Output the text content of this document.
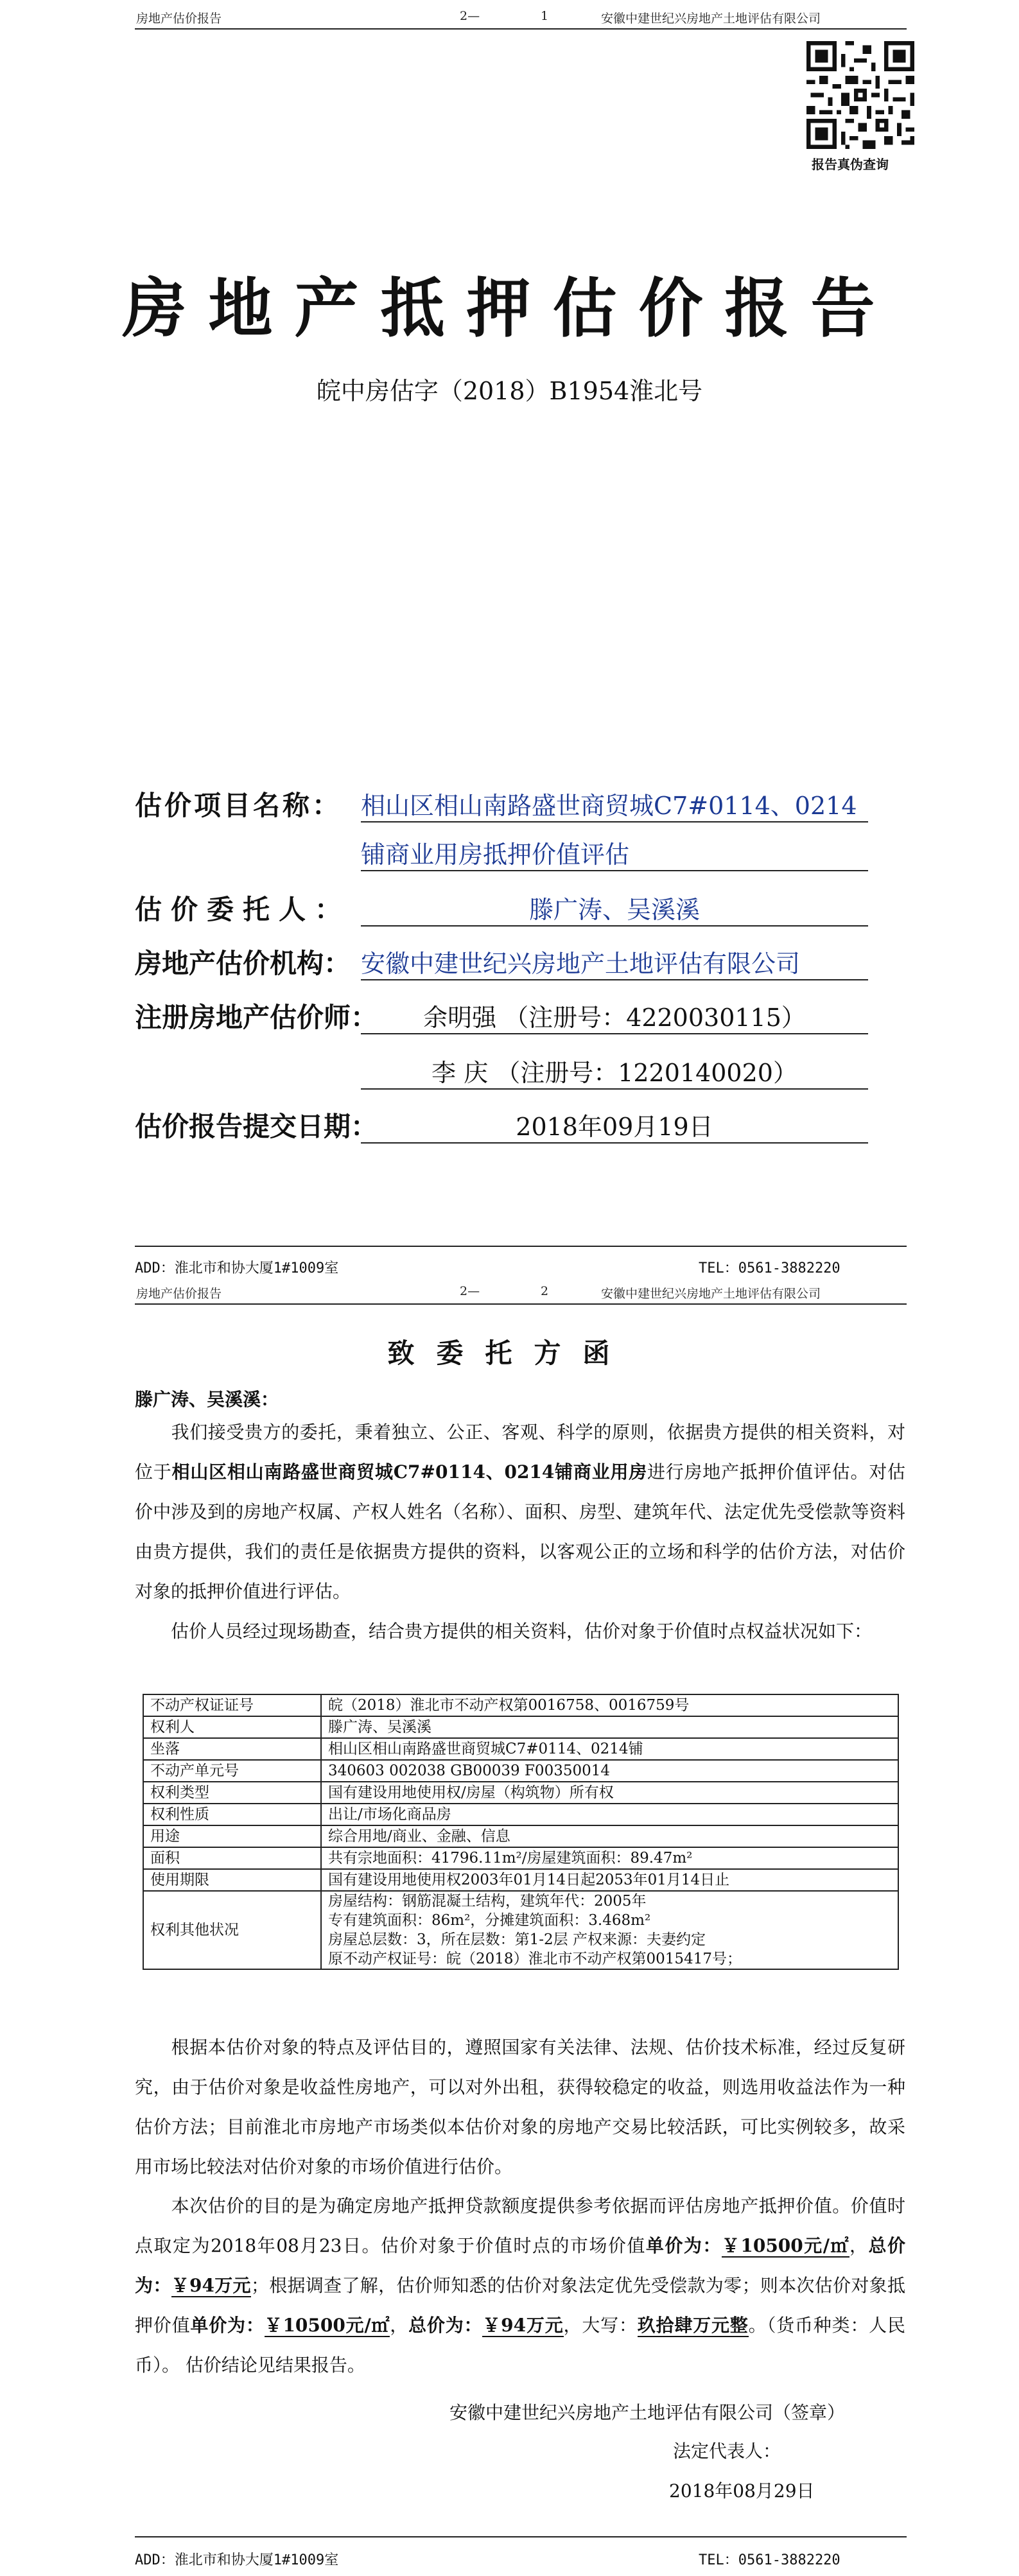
房地产估价报告	2—	1	安徽中建世纪兴房地产土地评估有限公司
报告真伪查询
房地产抵押估价报告
皖中房估字（2018）B1954淮北号
估价项目名称： 相山区相山南路盛世商贸城C7#0114、0214
铺商业用房抵押价值评估
估价委托人：	滕广涛、吴溪溪
房地产估价机构： 安徽中建世纪兴房地产土地评估有限公司
注册房地产估价师：	余明强 （注册号：4220030115）
李 庆 （注册号：1220140020）
估价报告提交日期：	2018年09月19日
ADD：淮北市和协大厦1#1009室	TEL：0561-3882220
房地产估价报告	2—	2	安徽中建世纪兴房地产土地评估有限公司
致委托方函
滕广涛、吴溪溪：
我们接受贵方的委托，秉着独立、公正、客观、科学的原则，依据贵方提供的相关资料，对位于相山区相山南路盛世商贸城C7#0114、0214铺商业用房进行房地产抵押价值评估。对估价中涉及到的房地产权属、产权人姓名（名称）、面积、房型、建筑年代、法定优先受偿款等资料由贵方提供，我们的责任是依据贵方提供的资料，以客观公正的立场和科学的估价方法，对估价对象的抵押价值进行评估。
估价人员经过现场勘查，结合贵方提供的相关资料，估价对象于价值时点权益状况如下：
不动产权证证号	皖（2018）淮北市不动产权第0016758、0016759号
权利人	滕广涛、吴溪溪
坐落	相山区相山南路盛世商贸城C7#0114、0214铺
不动产单元号	340603 002038 GB00039 F00350014
权利类型	国有建设用地使用权/房屋（构筑物）所有权
权利性质	出让/市场化商品房
用途	综合用地/商业、金融、信息
面积	共有宗地面积：41796.11m²/房屋建筑面积：89.47m²
使用期限	国有建设用地使用权2003年01月14日起2053年01月14日止
权利其他状况	房屋结构：钢筋混凝土结构，建筑年代：2005年
专有建筑面积：86m²，分摊建筑面积：3.468m²
房屋总层数：3，所在层数：第1-2层 产权来源：夫妻约定
原不动产权证号：皖（2018）淮北市不动产权第0015417号；
根据本估价对象的特点及评估目的，遵照国家有关法律、法规、估价技术标准，经过反复研究，由于估价对象是收益性房地产，可以对外出租，获得较稳定的收益，则选用收益法作为一种估价方法；目前淮北市房地产市场类似本估价对象的房地产交易比较活跃，可比实例较多，故采用市场比较法对估价对象的市场价值进行估价。
本次估价的目的是为确定房地产抵押贷款额度提供参考依据而评估房地产抵押价值。价值时点取定为2018年08月23日。估价对象于价值时点的市场价值单价为：￥10500元/㎡，总价为：￥94万元；根据调查了解，估价师知悉的估价对象法定优先受偿款为零；则本次估价对象抵押价值单价为：￥10500元/㎡，总价为：￥94万元，大写：玖拾肆万元整。（货币种类：人民币）。 估价结论见结果报告。
安徽中建世纪兴房地产土地评估有限公司（签章）
法定代表人：
2018年08月29日
ADD：淮北市和协大厦1#1009室	TEL：0561-3882220
